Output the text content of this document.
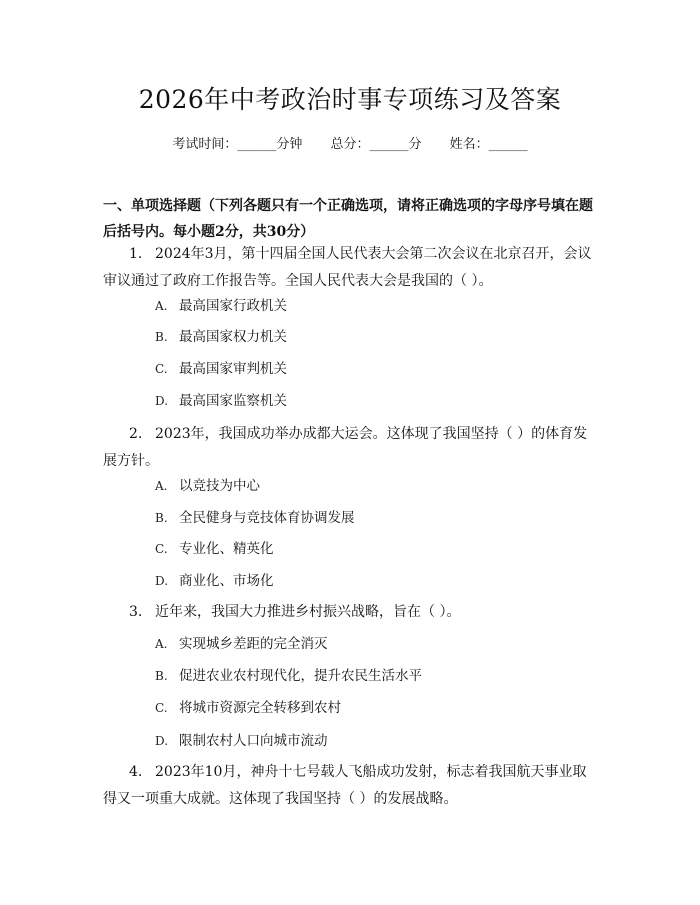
2026年中考政治时事专项练习及答案
考试时间：______分钟 总分：______分 姓名：______
一、单项选择题（下列各题只有一个正确选项，请将正确选项的字母序号填在题后括号内。每小题2分，共30分）
1. 2024年3月，第十四届全国人民代表大会第二次会议在北京召开，会议审议通过了政府工作报告等。全国人民代表大会是我国的（ ）。
A. 最高国家行政机关
B. 最高国家权力机关
C. 最高国家审判机关
D. 最高国家监察机关
2. 2023年，我国成功举办成都大运会。这体现了我国坚持（ ）的体育发展方针。
A. 以竞技为中心
B. 全民健身与竞技体育协调发展
C. 专业化、精英化
D. 商业化、市场化
3. 近年来，我国大力推进乡村振兴战略，旨在（ ）。
A. 实现城乡差距的完全消灭
B. 促进农业农村现代化，提升农民生活水平
C. 将城市资源完全转移到农村
D. 限制农村人口向城市流动
4. 2023年10月，神舟十七号载人飞船成功发射，标志着我国航天事业取得又一项重大成就。这体现了我国坚持（ ）的发展战略。
